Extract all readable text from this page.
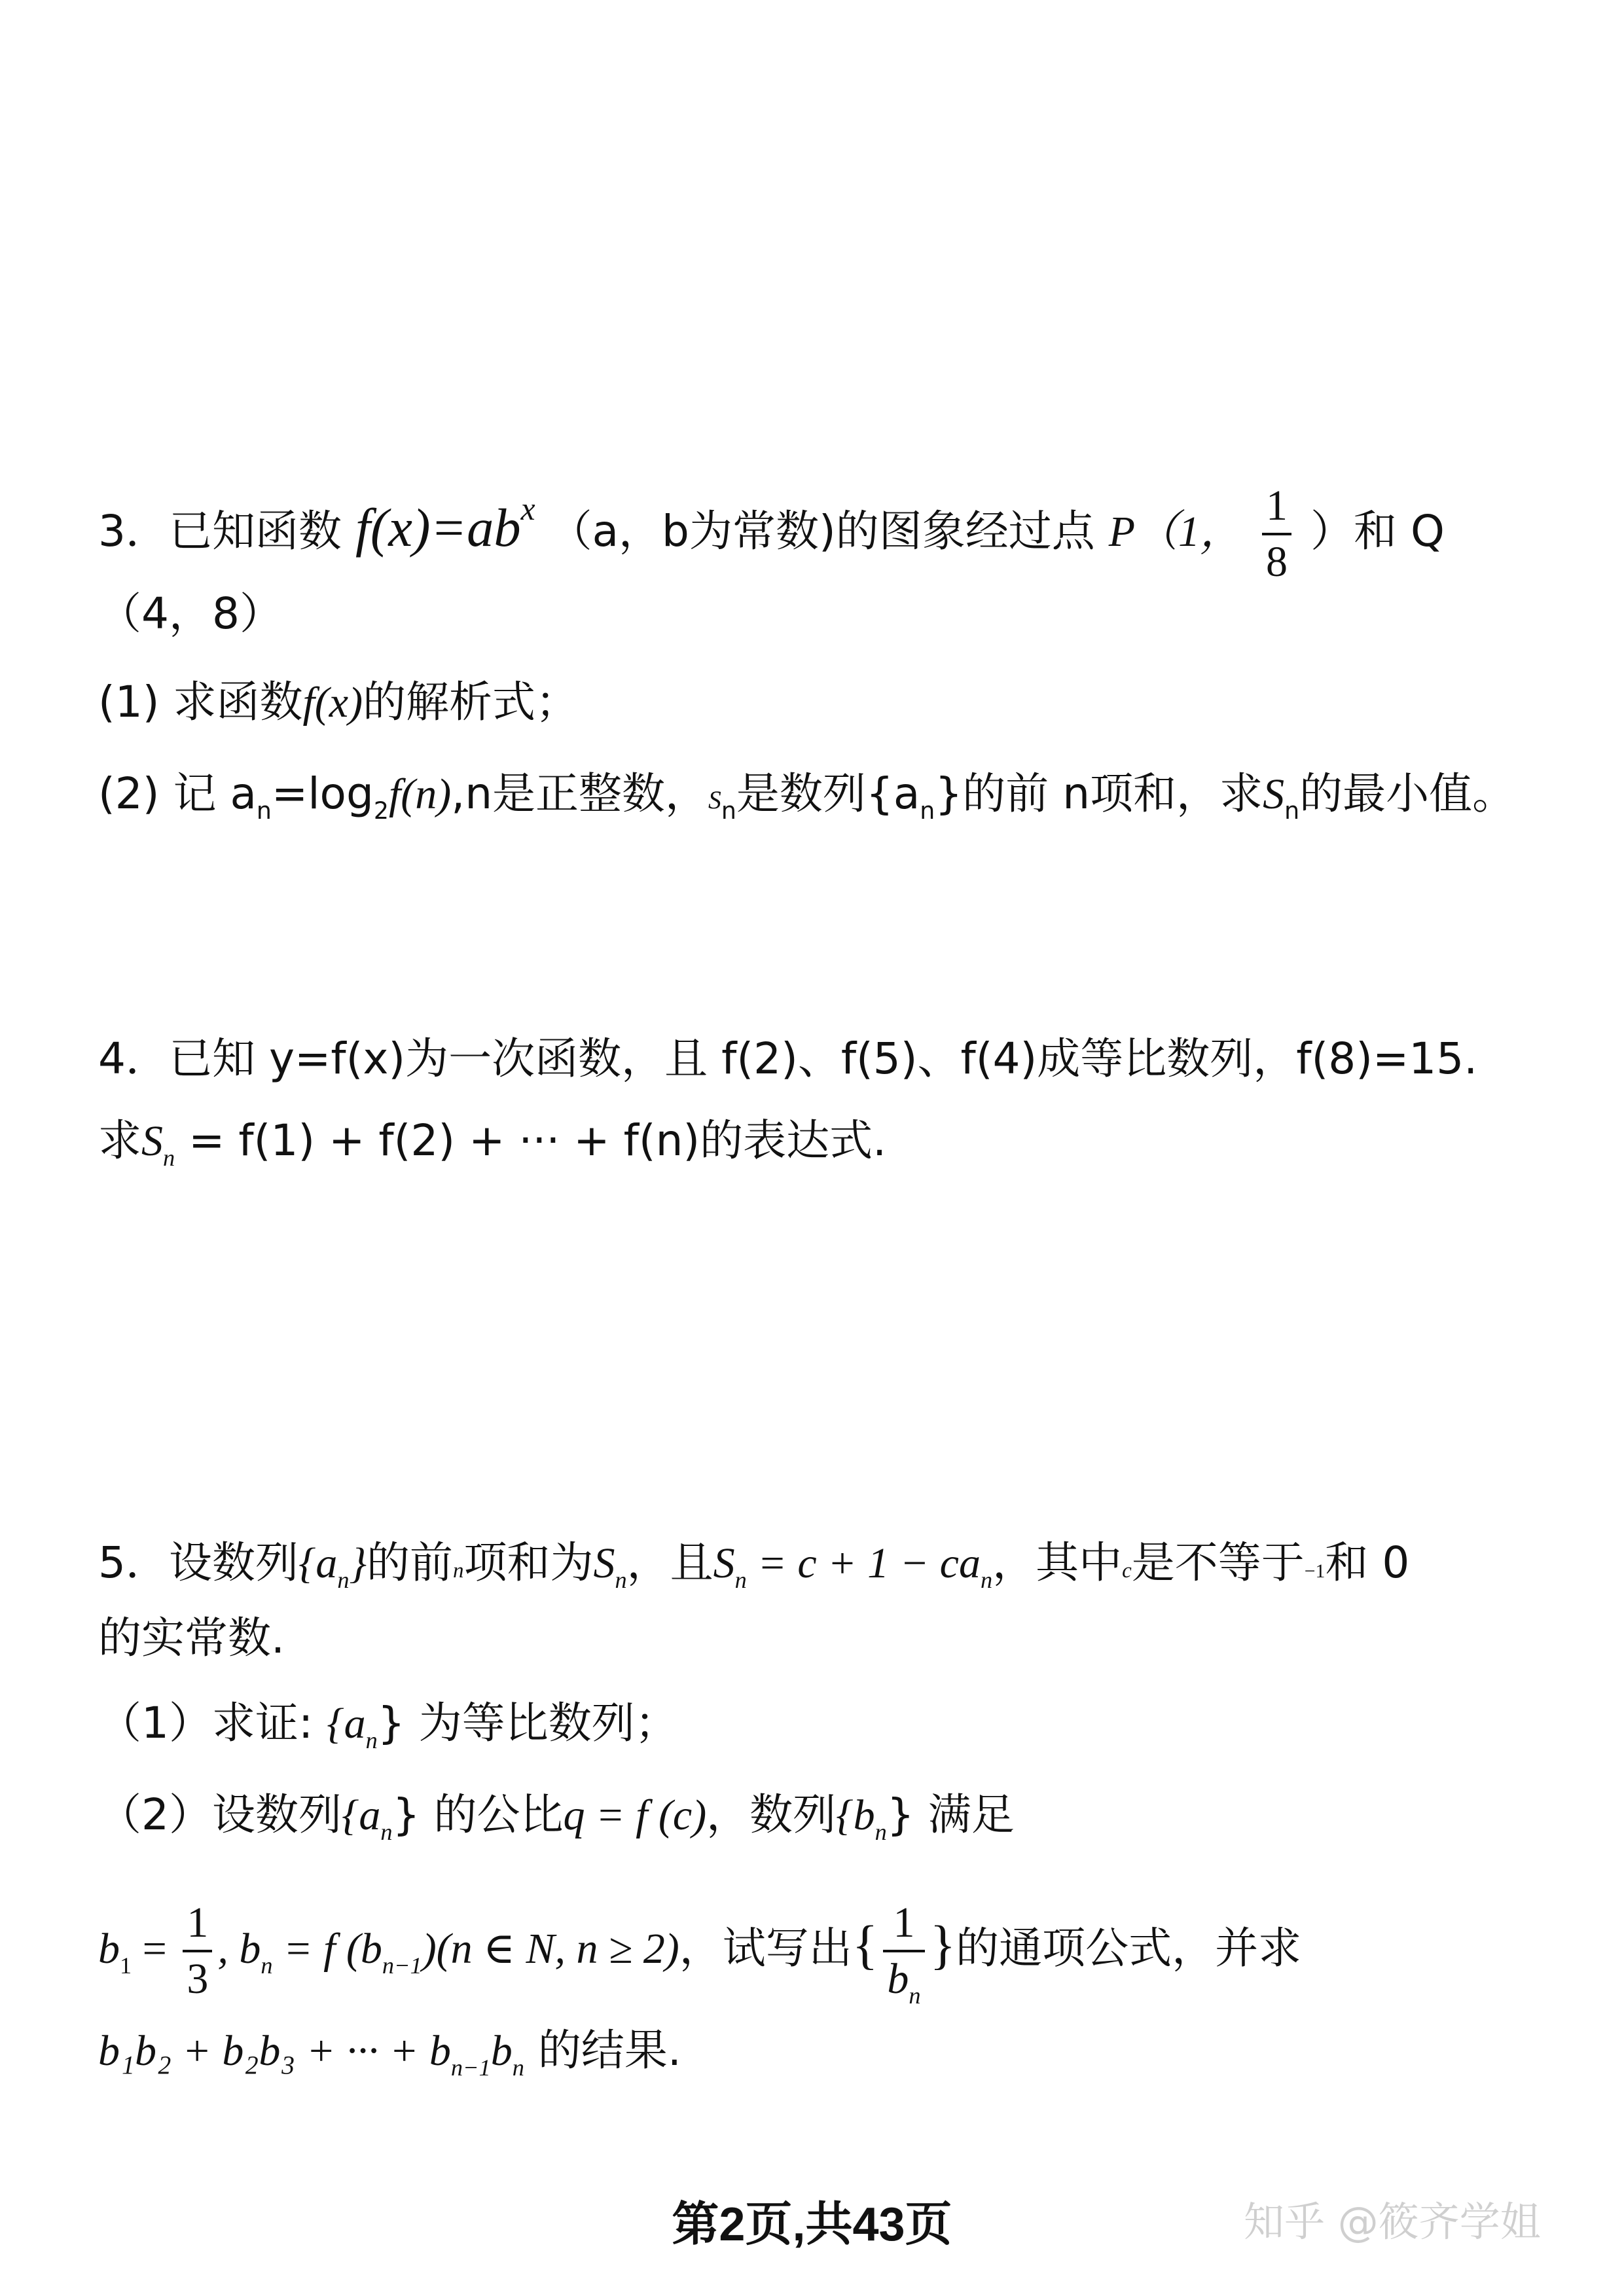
3．已知函数 $f(x)=ab^x$ （a，b为常数)的图象经过点 P（1， $\frac{1}{8}$ ）和 Q
（4，8）
(1) 求函数f(x)的解析式；
(2) 记 $a_n=\log_2f(n),n$是正整数，$S_n$是数列$\{a_n\}$的前 n项和，求$S_n$的最小值。
4．已知 y=f(x)为一次函数，且 f(2)、f(5)、f(4)成等比数列，f(8)=15.
求$S_n = f(1) + f(2)$ + ··· + f(n)的表达式.
5．设数列$\{a_n\}$的前n项和为$S_n$，且$S_n = c + 1 - ca_n$，其中c是不等于−1和 0
的实常数.
（1）求证: $\{a_n\}$ 为等比数列；
（2）设数列$\{a_n\}$ 的公比q = f (c)，数列$\{b_n\}$ 满足
$b_1 = \frac{1}{3}$ , $b_n = f$ $(b_{n-1})(n$ ∈ N, n ≥ 2)，试写出{ $\frac{1}{b_n}$ }的通项公式，并求
b₁b₂ + b₂b₃ + ··· + $b_{n-1}b_n$ 的结果.
第2页,共43页	知乎 @筱齐学姐
